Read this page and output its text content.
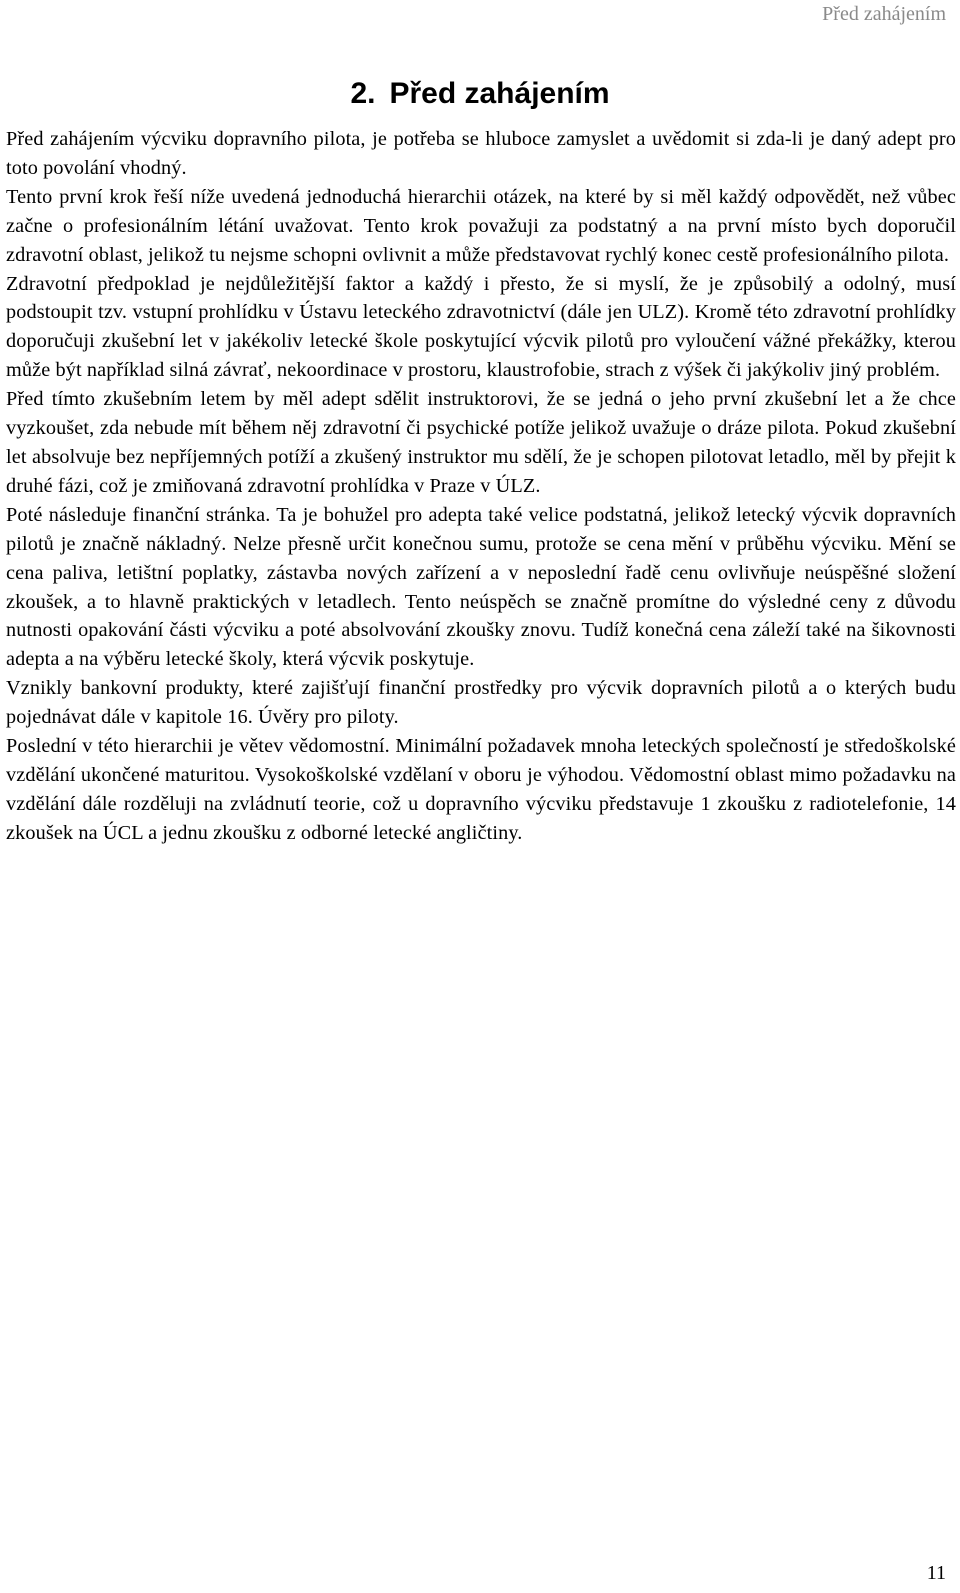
Před zahájením
2. Před zahájením

Před zahájením výcviku dopravního pilota, je potřeba se hluboce zamyslet a uvědomit si zda-li je daný adept pro toto povolání vhodný.

Tento první krok řeší níže uvedená jednoduchá hierarchii otázek, na které by si měl každý odpovědět, než vůbec začne o profesionálním létání uvažovat. Tento krok považuji za podstatný a na první místo bych doporučil zdravotní oblast, jelikož tu nejsme schopni ovlivnit a může představovat rychlý konec cestě profesionálního pilota.

Zdravotní předpoklad je nejdůležitější faktor a každý i přesto, že si myslí, že je způsobilý a odolný, musí podstoupit tzv. vstupní prohlídku v Ústavu leteckého zdravotnictví (dále jen ULZ). Kromě této zdravotní prohlídky doporučuji zkušební let v jakékoliv letecké škole poskytující výcvik pilotů pro vyloučení vážné překážky, kterou může být například silná závrať, nekoordinace v prostoru, klaustrofobie, strach z výšek či jakýkoliv jiný problém.

Před tímto zkušebním letem by měl adept sdělit instruktorovi, že se jedná o jeho první zkušební let a že chce vyzkoušet, zda nebude mít během něj zdravotní či psychické potíže jelikož uvažuje o dráze pilota. Pokud zkušební let absolvuje bez nepříjemných potíží a zkušený instruktor mu sdělí, že je schopen pilotovat letadlo, měl by přejit k druhé fázi, což je zmiňovaná zdravotní prohlídka v Praze v ÚLZ.

Poté následuje finanční stránka. Ta je bohužel pro adepta také velice podstatná, jelikož letecký výcvik dopravních pilotů je značně nákladný. Nelze přesně určit konečnou sumu, protože se cena mění v průběhu výcviku. Mění se cena paliva, letištní poplatky, zástavba nových zařízení a v neposlední řadě cenu ovlivňuje neúspěšné složení zkoušek, a to hlavně praktických v letadlech. Tento neúspěch se značně promítne do výsledné ceny z důvodu nutnosti opakování části výcviku a poté absolvování zkoušky znovu. Tudíž konečná cena záleží také na šikovnosti adepta a na výběru letecké školy, která výcvik poskytuje.

Vznikly bankovní produkty, které zajišťují finanční prostředky pro výcvik dopravních pilotů a o kterých budu pojednávat dále v kapitole 16. Úvěry pro piloty.

Poslední v této hierarchii je větev vědomostní. Minimální požadavek mnoha leteckých společností je středoškolské vzdělání ukončené maturitou. Vysokoškolské vzdělaní v oboru je výhodou. Vědomostní oblast mimo požadavku na vzdělání dále rozděluji na zvládnutí teorie, což u dopravního výcviku představuje 1 zkoušku z radiotelefonie, 14 zkoušek na ÚCL a jednu zkoušku z odborné letecké angličtiny.

11
